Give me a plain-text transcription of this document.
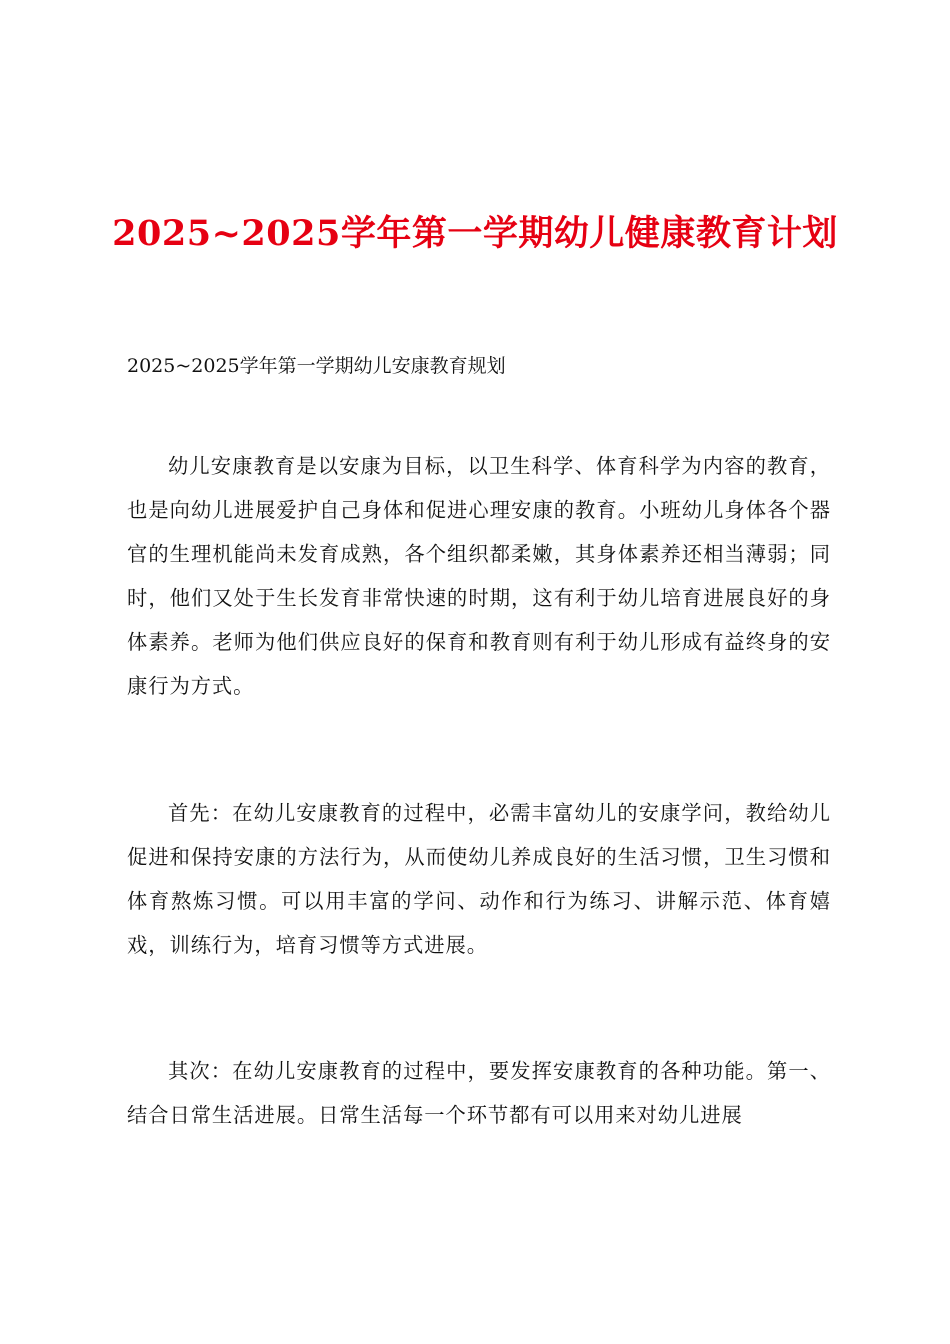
2025~2025学年第一学期幼儿健康教育计划
2025~2025学年第一学期幼儿安康教育规划
幼儿安康教育是以安康为目标，以卫生科学、体育科学为内容的教育，也是向幼儿进展爱护自己身体和促进心理安康的教育。小班幼儿身体各个器官的生理机能尚未发育成熟，各个组织都柔嫩，其身体素养还相当薄弱；同时，他们又处于生长发育非常快速的时期，这有利于幼儿培育进展良好的身体素养。老师为他们供应良好的保育和教育则有利于幼儿形成有益终身的安康行为方式。
首先：在幼儿安康教育的过程中，必需丰富幼儿的安康学问，教给幼儿促进和保持安康的方法行为，从而使幼儿养成良好的生活习惯，卫生习惯和体育熬炼习惯。可以用丰富的学问、动作和行为练习、讲解示范、体育嬉戏，训练行为，培育习惯等方式进展。
其次：在幼儿安康教育的过程中，要发挥安康教育的各种功能。第一、结合日常生活进展。日常生活每一个环节都有可以用来对幼儿进展
